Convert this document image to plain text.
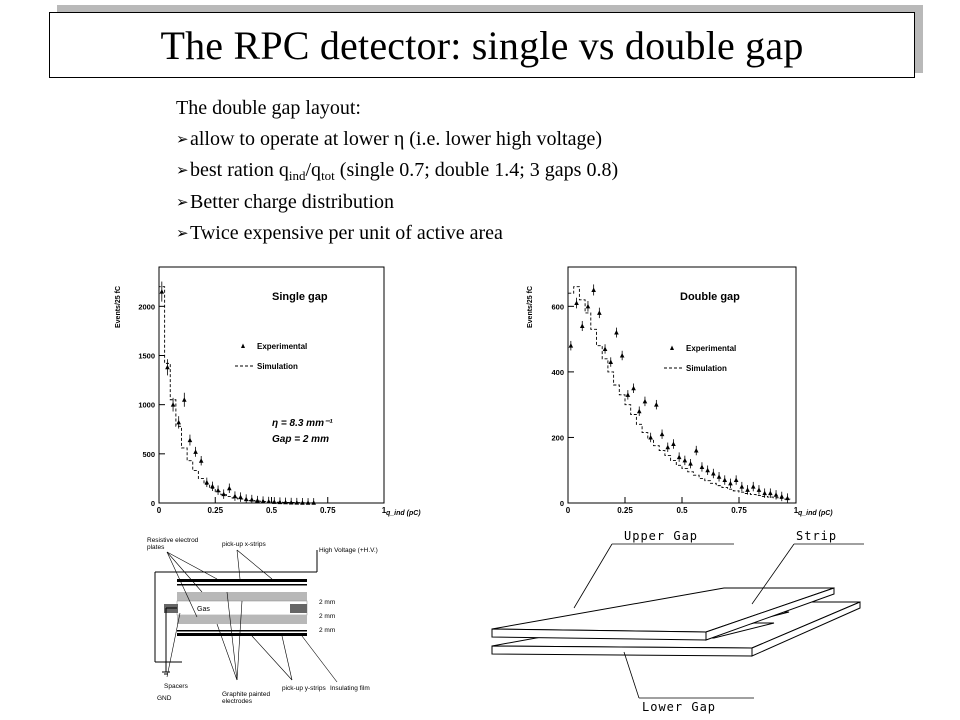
The RPC detector: single vs double gap
The double gap layout:
➢allow to operate at lower η (i.e. lower high voltage)
➢best ration $q_{ind}/q_{tot}$ (single 0.7; double 1.4; 3 gaps 0.8)
➢Better charge distribution
➢Twice expensive per unit of active area
0	0.25	0.5	0.75	1
0
500
1000
1500
2000
q_ind (pC)
Events/25 fC	Single gap
Experimental
Simulation
η = 8.3 mm⁻¹
Gap = 2 mm
0	0.25	0.5	0.75	1
0
200
400
600
q_ind (pC)
Events/25 fC	Double gap
Experimental
Simulation
Resistive electrod plates	pick-up x-strips
High Voltage (+H.V.)
Gas
2 mm
2 mm
2 mm
Spacers
GND
Graphite painted electrodes
pick-up y-strips Insulating film
Upper Gap	Strip
Lower Gap
